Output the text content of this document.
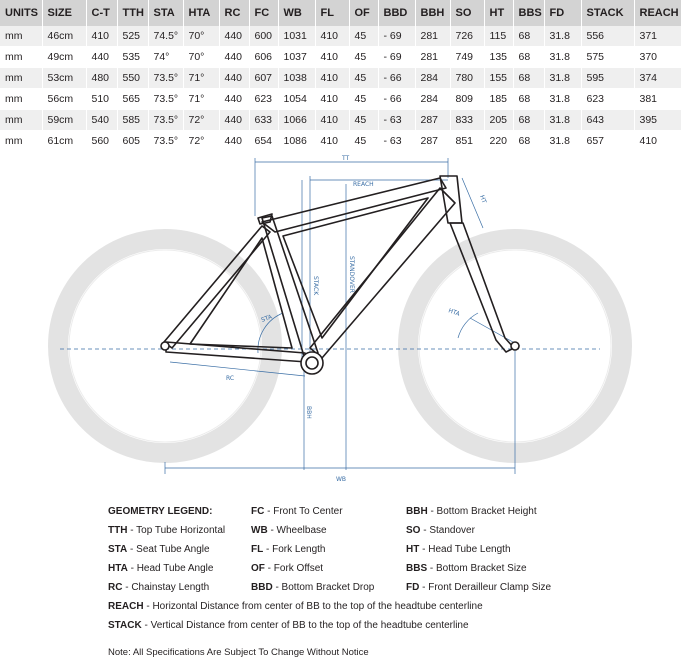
UNITS	SIZE	C-T	TTH	STA	HTA	RC	FC	WB	FL	OF	BBD	BBH	SO	HT	BBS	FD	STACK	REACH
mm	46cm	410	525	74.5°	70°	440	600	1031	410	45	- 69	281	726	115	68	31.8	556	371
mm	49cm	440	535	74°	70°	440	606	1037	410	45	- 69	281	749	135	68	31.8	575	370
mm	53cm	480	550	73.5°	71°	440	607	1038	410	45	- 66	284	780	155	68	31.8	595	374
mm	56cm	510	565	73.5°	71°	440	623	1054	410	45	- 66	284	809	185	68	31.8	623	381
mm	59cm	540	585	73.5°	72°	440	633	1066	410	45	- 63	287	833	205	68	31.8	643	395
mm	61cm	560	605	73.5°	72°	440	654	1086	410	45	- 63	287	851	220	68	31.8	657	410
TT
REACH
HT
STACK	STANDOVER
STA
HTA
RC
BBH
WB
GEOMETRY LEGEND:
TTH - Top Tube Horizontal
STA - Seat Tube Angle
HTA - Head Tube Angle
RC - Chainstay Length
FC - Front To Center
WB - Wheelbase
FL - Fork Length
OF - Fork Offset
BBD - Bottom Bracket Drop
BBH - Bottom Bracket Height
SO - Standover
HT - Head Tube Length
BBS - Bottom Bracket Size
FD - Front Derailleur Clamp Size
REACH - Horizontal Distance from center of BB to the top of the headtube centerline
STACK - Vertical Distance from center of BB to the top of the headtube centerline
Note: All Specifications Are Subject To Change Without Notice
